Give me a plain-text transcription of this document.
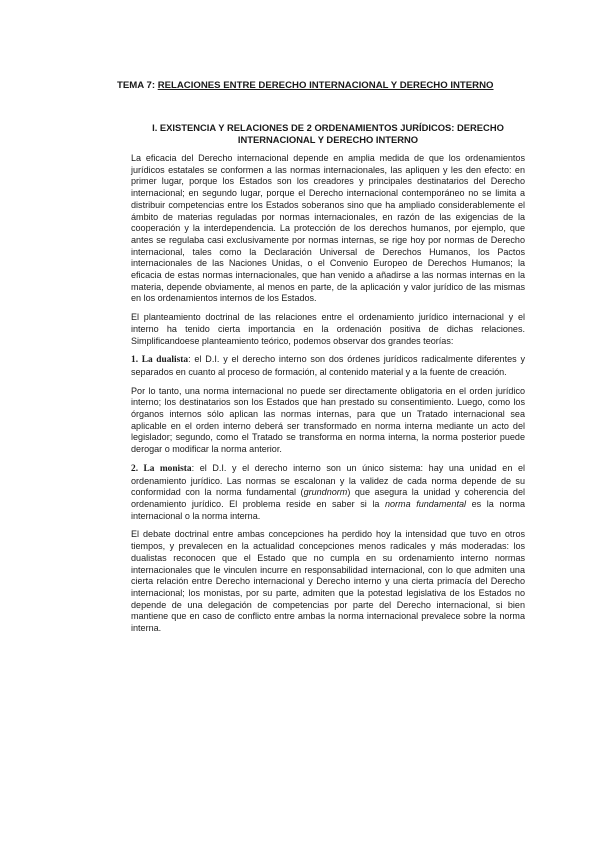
TEMA 7: RELACIONES ENTRE DERECHO INTERNACIONAL Y DERECHO INTERNO
I. EXISTENCIA Y RELACIONES DE 2 ORDENAMIENTOS JURÍDICOS: DERECHO
INTERNACIONAL Y DERECHO INTERNO

La eficacia del Derecho internacional depende en amplia medida de que los ordenamientos jurídicos estatales se conformen a las normas internacionales, las apliquen y les den efecto: en primer lugar, porque los Estados son los creadores y principales destinatarios del Derecho internacional; en segundo lugar, porque el Derecho internacional contemporáneo no se limita a distribuir competencias entre los Estados soberanos sino que ha ampliado considerablemente el ámbito de materias reguladas por normas internacionales, en razón de las exigencias de la cooperación y la interdependencia. La protección de los derechos humanos, por ejemplo, que antes se regulaba casi exclusivamente por normas internas, se rige hoy por normas de Derecho internacional, tales como la Declaración Universal de Derechos Humanos, los Pactos internacionales de las Naciones Unidas, o el Convenio Europeo de Derechos Humanos; la eficacia de estas normas internacionales, que han venido a añadirse a las normas internas en la materia, depende obviamente, al menos en parte, de la aplicación y valor jurídico de las mismas en los ordenamientos internos de los Estados.

El planteamiento doctrinal de las relaciones entre el ordenamiento jurídico internacional y el interno ha tenido cierta importancia en la ordenación positiva de dichas relaciones. Simplificandoese planteamiento teórico, podemos observar dos grandes teorías:

1. La dualista: el D.I. y el derecho interno son dos órdenes jurídicos radicalmente diferentes y separados en cuanto al proceso de formación, al contenido material y a la fuente de creación.

Por lo tanto, una norma internacional no puede ser directamente obligatoria en el orden jurídico interno; los destinatarios son los Estados que han prestado su consentimiento. Luego, como los órganos internos sólo aplican las normas internas, para que un Tratado internacional sea aplicable en el orden interno deberá ser transformado en norma interna mediante un acto del legislador; segundo, como el Tratado se transforma en norma interna, la norma posterior puede derogar o modificar la norma anterior.

2. La monista: el D.I. y el derecho interno son un único sistema: hay una unidad en el ordenamiento jurídico. Las normas se escalonan y la validez de cada norma depende de su conformidad con la norma fundamental (grundnorm) que asegura la unidad y coherencia del ordenamiento jurídico. El problema reside en saber si la norma fundamental es la norma internacional o la norma interna.

El debate doctrinal entre ambas concepciones ha perdido hoy la intensidad que tuvo en otros tiempos, y prevalecen en la actualidad concepciones menos radicales y más moderadas: los dualistas reconocen que el Estado que no cumpla en su ordenamiento interno normas internacionales que le vinculen incurre en responsabilidad internacional, con lo que admiten una cierta relación entre Derecho internacional y Derecho interno y una cierta primacía del Derecho internacional; los monistas, por su parte, admiten que la potestad legislativa de los Estados no depende de una delegación de competencias por parte del Derecho internacional, si bien mantiene que en caso de conflicto entre ambas la norma internacional prevalece sobre la norma interna.
